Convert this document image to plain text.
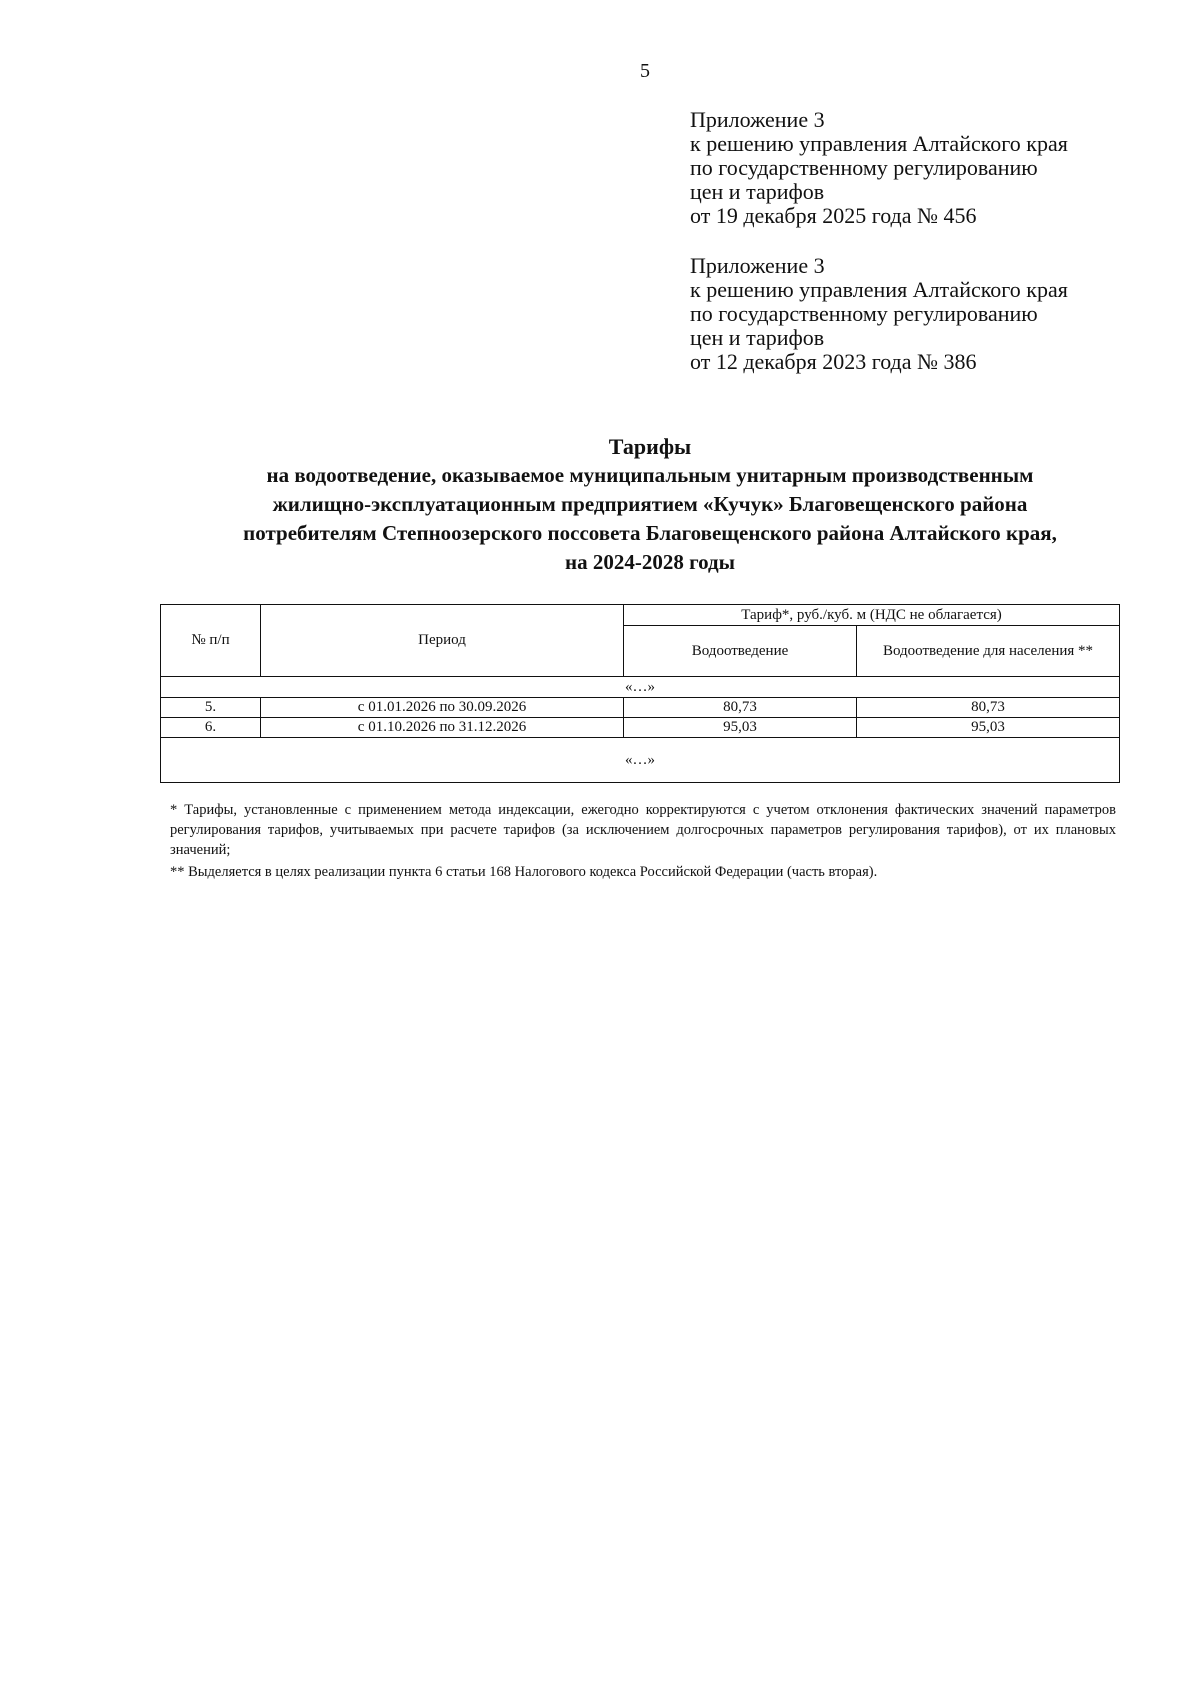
5
Приложение 3
к решению управления Алтайского края
по государственному регулированию
цен и тарифов
от 19 декабря 2025 года № 456
Приложение 3
к решению управления Алтайского края
по государственному регулированию
цен и тарифов
от 12 декабря 2023 года № 386
Тарифы
на водоотведение, оказываемое муниципальным унитарным производственным
жилищно-эксплуатационным предприятием «Кучук» Благовещенского района
потребителям Степноозерского поссовета Благовещенского района Алтайского края,
на 2024-2028 годы
№ п/п	Период	Тариф*, руб./куб. м (НДС не облагается)	
		Водоотведение	Водоотведение для населения **
«…»			
5.	с 01.01.2026 по 30.09.2026	80,73	80,73
6.	с 01.10.2026 по 31.12.2026	95,03	95,03
«…»			

* Тарифы, установленные с применением метода индексации, ежегодно корректируются с учетом отклонения фактических значений параметров регулирования тарифов, учитываемых при расчете тарифов (за исключением долгосрочных параметров регулирования тарифов), от их плановых значений;

** Выделяется в целях реализации пункта 6 статьи 168 Налогового кодекса Российской Федерации (часть вторая).
